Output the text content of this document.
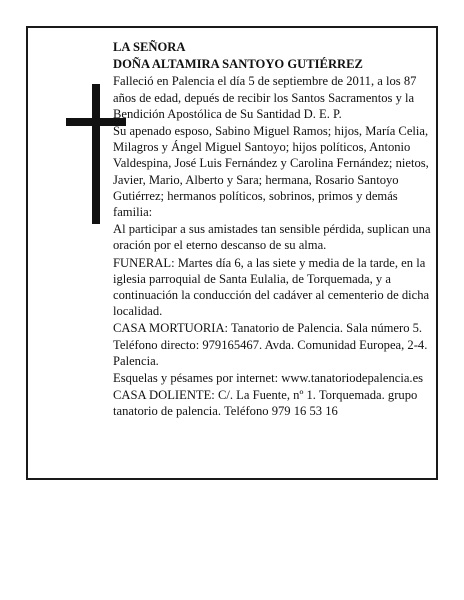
LA SEÑORA

DOÑA ALTAMIRA SANTOYO GUTIÉRREZ

Falleció en Palencia el día 5 de septiembre de 2011, a los 87 años de edad, depués de recibir los Santos Sacramentos y la Bendición Apostólica de Su Santidad D. E. P.

Su apenado esposo, Sabino Miguel Ramos; hijos, María Celia, Milagros y Ángel Miguel Santoyo; hijos políticos, Antonio Valdespina, José Luis Fernández y Carolina Fernández; nietos, Javier, Mario, Alberto y Sara; hermana, Rosario Santoyo Gutiérrez; hermanos políticos, sobrinos, primos y demás familia:

Al participar a sus amistades tan sensible pérdida, suplican una oración por el eterno descanso de su alma.

FUNERAL: Martes día 6, a las siete y media de la tarde, en la iglesia parroquial de Santa Eulalia, de Torquemada, y a continuación la conducción del cadáver al cementerio de dicha localidad.

CASA MORTUORIA: Tanatorio de Palencia. Sala número 5. Teléfono directo: 979165467. Avda. Comunidad Europea, 2-4. Palencia.

Esquelas y pésames por internet: www.tanatoriodepalencia.es

CASA DOLIENTE: C/. La Fuente, nº 1. Torquemada. grupo tanatorio de palencia. Teléfono 979 16 53 16
